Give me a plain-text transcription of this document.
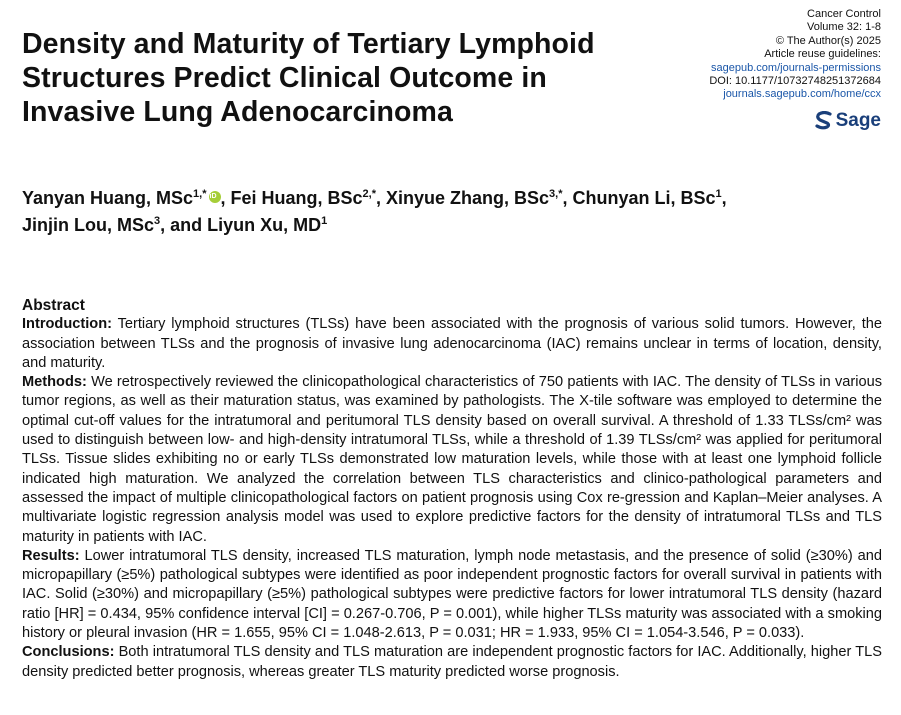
Density and Maturity of Tertiary Lymphoid
Structures Predict Clinical Outcome in
Invasive Lung Adenocarcinoma
Cancer Control
Volume 32: 1-8
© The Author(s) 2025
Article reuse guidelines:
sagepub.com/journals-permissions
DOI: 10.1177/10732748251372684
journals.sagepub.com/home/ccx
Sage
Yanyan Huang, MSc$^{1,*}$iD , Fei Huang, BSc$^{2,*}$, Xinyue Zhang, BSc$^{3,*}$, Chunyan Li, BSc$^1$,
Jinjin Lou, MSc$^3$, and Liyun Xu, $MD^1$
Abstract

Introduction: Tertiary lymphoid structures (TLSs) have been associated with the prognosis of various solid tumors. However, the association between TLSs and the prognosis of invasive lung adenocarcinoma (IAC) remains unclear in terms of location, density, and maturity.

Methods: We retrospectively reviewed the clinicopathological characteristics of 750 patients with IAC. The density of TLSs in various tumor regions, as well as their maturation status, was examined by pathologists. The X-tile software was employed to determine the optimal cut-off values for the intratumoral and peritumoral TLS density based on overall survival. A threshold of 1.33 TLSs/cm² was used to distinguish between low- and high-density intratumoral TLSs, while a threshold of 1.39 TLSs/cm² was applied for peritumoral TLSs. Tissue slides exhibiting no or early TLSs demonstrated low maturation levels, while those with at least one lymphoid follicle indicated high maturation. We analyzed the correlation between TLS characteristics and clinico-pathological parameters and assessed the impact of multiple clinicopathological factors on patient prognosis using Cox re-gression and Kaplan–Meier analyses. A multivariate logistic regression analysis model was used to explore predictive factors for the density of intratumoral TLSs and TLS maturity in patients with IAC.

Results: Lower intratumoral TLS density, increased TLS maturation, lymph node metastasis, and the presence of solid (≥30%) and micropapillary (≥5%) pathological subtypes were identified as poor independent prognostic factors for overall survival in patients with IAC. Solid (≥30%) and micropapillary (≥5%) pathological subtypes were predictive factors for lower intratumoral TLS density (hazard ratio [HR] = 0.434, 95% confidence interval [CI] = 0.267-0.706, P = 0.001), while higher TLSs maturity was associated with a smoking history or pleural invasion (HR = 1.655, 95% CI = 1.048-2.613, P = 0.031; HR = 1.933, 95% CI = 1.054-3.546, P = 0.033).

Conclusions: Both intratumoral TLS density and TLS maturation are independent prognostic factors for IAC. Additionally, higher TLS density predicted better prognosis, whereas greater TLS maturity predicted worse prognosis.
